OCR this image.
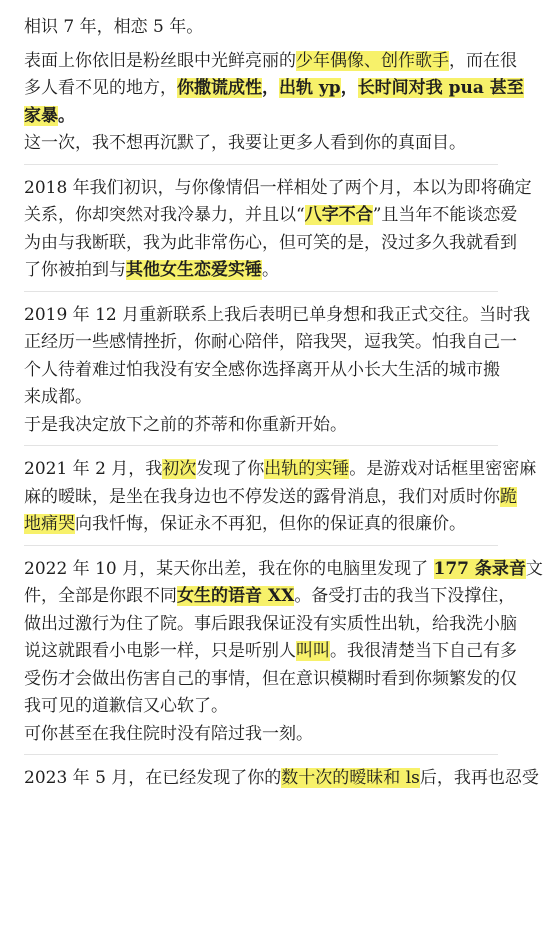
相识 7 年，相恋 5 年。

表面上你依旧是粉丝眼中光鲜亮丽的少年偶像、创作歌手，而在很

多人看不见的地方，你撒谎成性，出轨 yp，长时间对我 pua 甚至

家暴。

这一次，我不想再沉默了，我要让更多人看到你的真面目。

2018 年我们初识，与你像情侣一样相处了两个月，本以为即将确定

关系，你却突然对我冷暴力，并且以“八字不合”且当年不能谈恋爱

为由与我断联，我为此非常伤心，但可笑的是，没过多久我就看到

了你被拍到与其他女生恋爱实锤。

2019 年 12 月重新联系上我后表明已单身想和我正式交往。当时我

正经历一些感情挫折，你耐心陪伴，陪我哭，逗我笑。怕我自己一

个人待着难过怕我没有安全感你选择离开从小长大生活的城市搬

来成都。

于是我决定放下之前的芥蒂和你重新开始。

2021 年 2 月，我初次发现了你出轨的实锤。是游戏对话框里密密麻

麻的暧昧，是坐在我身边也不停发送的露骨消息，我们对质时你跪

地痛哭向我忏悔，保证永不再犯，但你的保证真的很廉价。

2022 年 10 月，某天你出差，我在你的电脑里发现了 177 条录音文

件，全部是你跟不同女生的语音 XX。备受打击的我当下没撑住，

做出过激行为住了院。事后跟我保证没有实质性出轨，给我洗小脑

说这就跟看小电影一样，只是听别人叫叫。我很清楚当下自己有多

受伤才会做出伤害自己的事情，但在意识模糊时看到你频繁发的仅

我可见的道歉信又心软了。

可你甚至在我住院时没有陪过我一刻。

2023 年 5 月，在已经发现了你的数十次的暧昧和 ls后，我再也忍受
